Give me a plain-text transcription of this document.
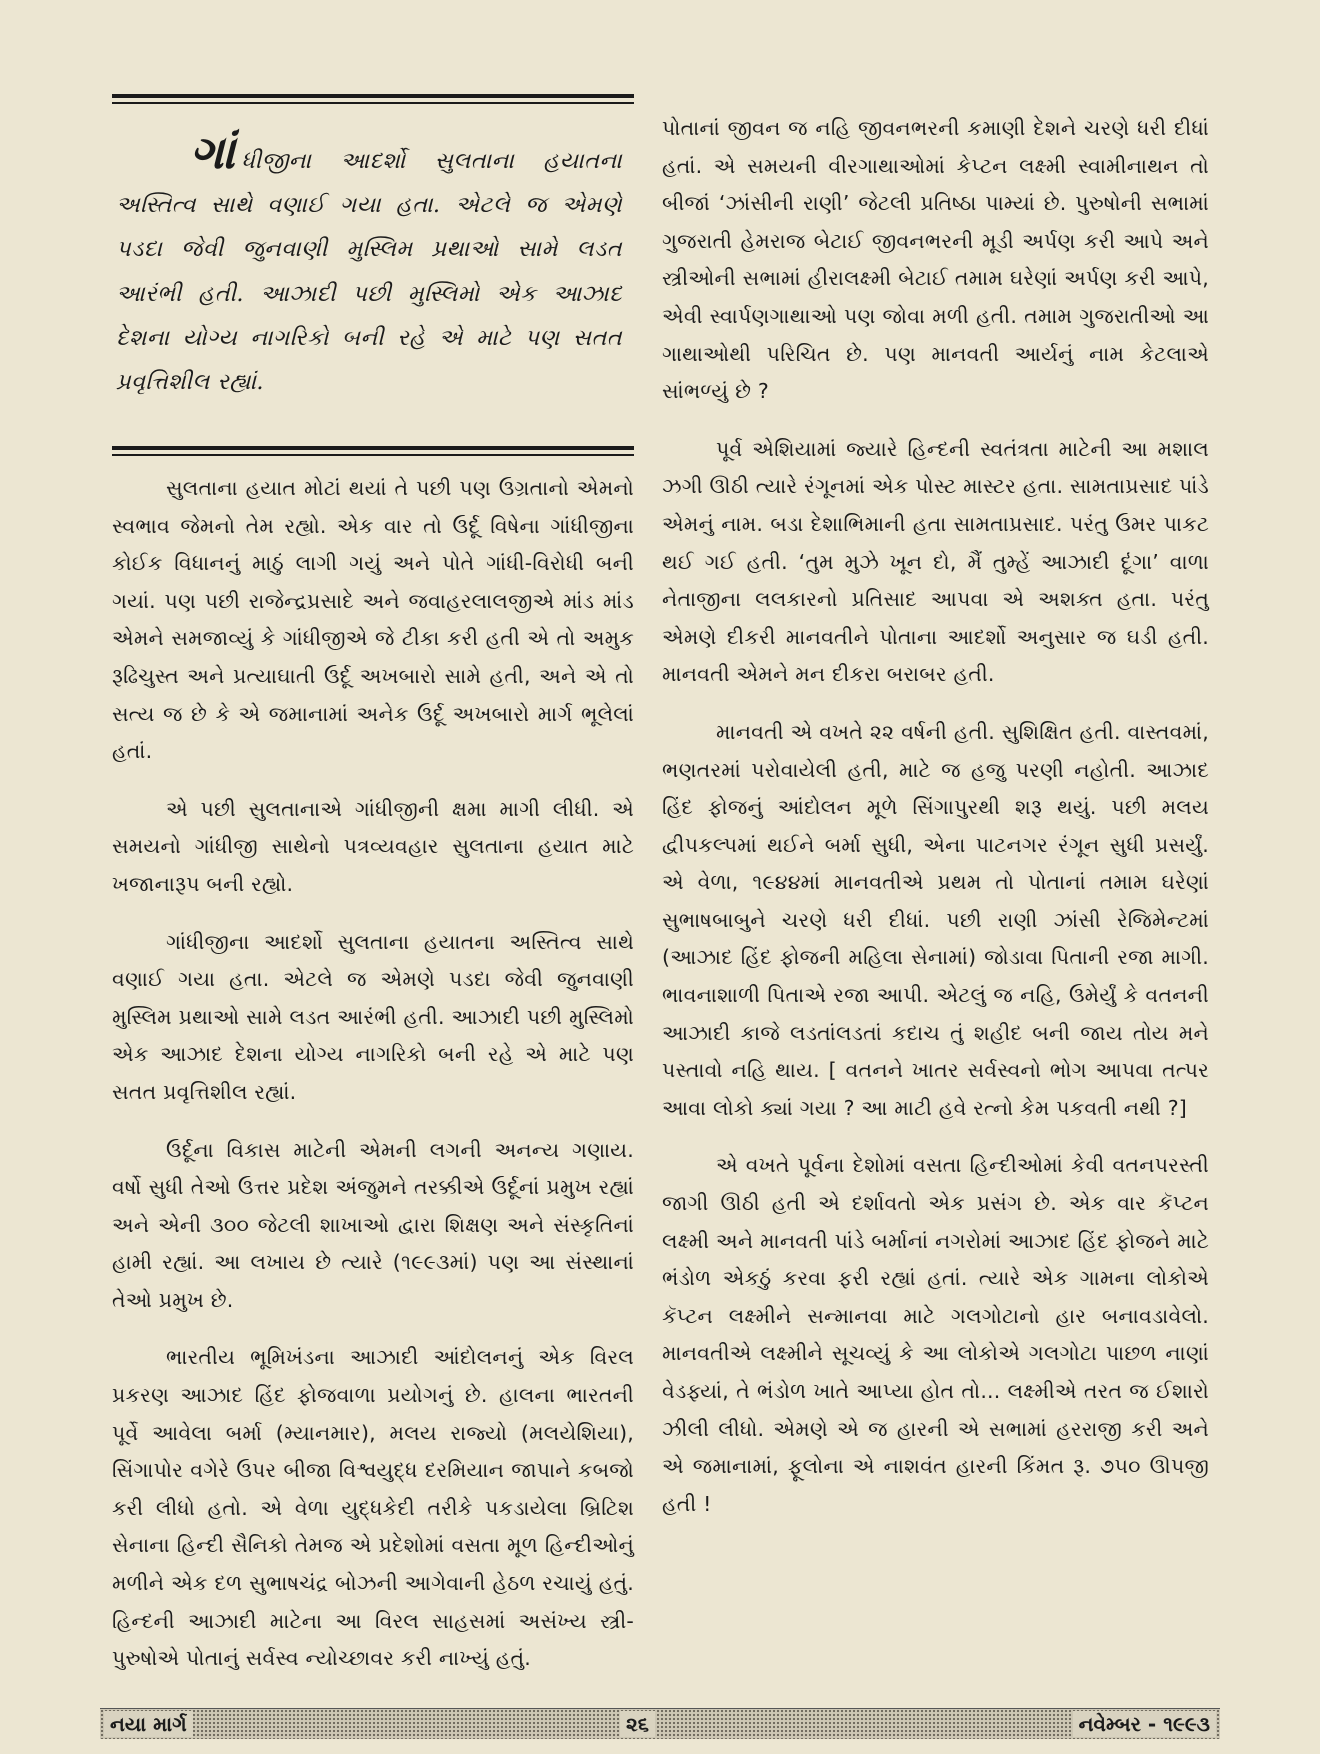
ગાંધીજીના આદર્શો સુલતાના હયાતના અસ્તિત્વ સાથે વણાઈ ગયા હતા. એટલે જ એમણે પડદા જેવી જુનવાણી મુસ્લિમ પ્રથાઓ સામે લડત આરંભી હતી. આઝાદી પછી મુસ્લિમો એક આઝાદ દેશના યોગ્ય નાગરિકો બની રહે એ માટે પણ સતત પ્રવૃત્તિશીલ રહ્યાં.

સુલતાના હયાત મોટાં થયાં તે પછી પણ ઉગ્રતાનો એમનો સ્વભાવ જેમનો તેમ રહ્યો. એક વાર તો ઉર્દૂ વિષેના ગાંધીજીના કોઈક વિધાનનું માઠું લાગી ગયું અને પોતે ગાંધી-વિરોધી બની ગયાં. પણ પછી રાજેન્દ્રપ્રસાદે અને જવાહરલાલજીએ માંડ માંડ એમને સમજાવ્યું કે ગાંધીજીએ જે ટીકા કરી હતી એ તો અમુક રૂઢિચુસ્ત અને પ્રત્યાઘાતી ઉર્દૂ અખબારો સામે હતી, અને એ તો સત્ય જ છે કે એ જમાનામાં અનેક ઉર્દૂ અખબારો માર્ગ ભૂલેલાં હતાં.

એ પછી સુલતાનાએ ગાંધીજીની ક્ષમા માગી લીધી. એ સમયનો ગાંધીજી સાથેનો પત્રવ્યવહાર સુલતાના હયાત માટે ખજાનારૂપ બની રહ્યો.

ગાંધીજીના આદર્શો સુલતાના હયાતના અસ્તિત્વ સાથે વણાઈ ગયા હતા. એટલે જ એમણે પડદા જેવી જુનવાણી મુસ્લિમ પ્રથાઓ સામે લડત આરંભી હતી. આઝાદી પછી મુસ્લિમો એક આઝાદ દેશના યોગ્ય નાગરિકો બની રહે એ માટે પણ સતત પ્રવૃત્તિશીલ રહ્યાં.

ઉર્દૂના વિકાસ માટેની એમની લગની અનન્ય ગણાય. વર્ષો સુધી તેઓ ઉત્તર પ્રદેશ અંજુમને તરક્કીએ ઉર્દૂનાં પ્રમુખ રહ્યાં અને એની ૩૦૦ જેટલી શાખાઓ દ્વારા શિક્ષણ અને સંસ્કૃતિનાં હામી રહ્યાં. આ લખાય છે ત્યારે (૧૯૯૩માં) પણ આ સંસ્થાનાં તેઓ પ્રમુખ છે.

ભારતીય ભૂમિખંડના આઝાદી આંદોલનનું એક વિરલ પ્રકરણ આઝાદ હિંદ ફોજવાળા પ્રયોગનું છે. હાલના ભારતની પૂર્વે આવેલા બર્મા (મ્યાનમાર), મલય રાજ્યો (મલયેશિયા), સિંગાપોર વગેરે ઉપર બીજા વિશ્વયુદ્ધ દરમિયાન જાપાને કબજો કરી લીધો હતો. એ વેળા યુદ્ધકેદી તરીકે પકડાયેલા બ્રિટિશ સેનાના હિન્દી સૈનિકો તેમજ એ પ્રદેશોમાં વસતા મૂળ હિન્દીઓનું મળીને એક દળ સુભાષચંદ્ર બોઝની આગેવાની હેઠળ રચાયું હતું. હિન્દની આઝાદી માટેના આ વિરલ સાહસમાં અસંખ્ય સ્ત્રી-પુરુષોએ પોતાનું સર્વસ્વ ન્યોચ્છાવર કરી નાખ્યું હતું.

પોતાનાં જીવન જ નહિ જીવનભરની કમાણી દેશને ચરણે ધરી દીધાં હતાં. એ સમયની વીરગાથાઓમાં કેપ્ટન લક્ષ્મી સ્વામીનાથન તો બીજાં ‘ઝાંસીની રાણી’ જેટલી પ્રતિષ્ઠા પામ્યાં છે. પુરુષોની સભામાં ગુજરાતી હેમરાજ બેટાઈ જીવનભરની મૂડી અર્પણ કરી આપે અને સ્ત્રીઓની સભામાં હીરાલક્ષ્મી બેટાઈ તમામ ઘરેણાં અર્પણ કરી આપે, એવી સ્વાર્પણગાથાઓ પણ જોવા મળી હતી. તમામ ગુજરાતીઓ આ ગાથાઓથી પરિચિત છે. પણ માનવતી આર્યનું નામ કેટલાએ સાંભળ્યું છે ?

પૂર્વ એશિયામાં જ્યારે હિન્દની સ્વતંત્રતા માટેની આ મશાલ ઝગી ઊઠી ત્યારે રંગૂનમાં એક પોસ્ટ માસ્ટર હતા. સામતાપ્રસાદ પાંડે એમનું નામ. બડા દેશાભિમાની હતા સામતાપ્રસાદ. પરંતુ ઉમર પાકટ થઈ ગઈ હતી. ‘તુમ મુઝે ખૂન દો, મૈં તુમ્હેં આઝાદી દૂંગા’ વાળા નેતાજીના લલકારનો પ્રતિસાદ આપવા એ અશક્ત હતા. પરંતુ એમણે દીકરી માનવતીને પોતાના આદર્શો અનુસાર જ ઘડી હતી. માનવતી એમને મન દીકરા બરાબર હતી.

માનવતી એ વખતે ૨૨ વર્ષની હતી. સુશિક્ષિત હતી. વાસ્તવમાં, ભણતરમાં પરોવાયેલી હતી, માટે જ હજુ પરણી નહોતી. આઝાદ હિંદ ફોજનું આંદોલન મૂળે સિંગાપુરથી શરૂ થયું. પછી મલય દ્વીપકલ્પમાં થઈને બર્મા સુધી, એના પાટનગર રંગૂન સુધી પ્રસર્યું. એ વેળા, ૧૯૪૪માં માનવતીએ પ્રથમ તો પોતાનાં તમામ ઘરેણાં સુભાષબાબુને ચરણે ધરી દીધાં. પછી રાણી ઝાંસી રેજિમેન્ટમાં (આઝાદ હિંદ ફોજની મહિલા સેનામાં) જોડાવા પિતાની રજા માગી. ભાવનાશાળી પિતાએ રજા આપી. એટલું જ નહિ, ઉમેર્યું કે વતનની આઝાદી કાજે લડતાંલડતાં કદાચ તું શહીદ બની જાય તોય મને પસ્તાવો નહિ થાય. [ વતનને ખાતર સર્વસ્વનો ભોગ આપવા તત્પર આવા લોકો ક્યાં ગયા ? આ માટી હવે રત્નો કેમ પકવતી નથી ?]

એ વખતે પૂર્વના દેશોમાં વસતા હિન્દીઓમાં કેવી વતનપરસ્તી જાગી ઊઠી હતી એ દર્શાવતો એક પ્રસંગ છે. એક વાર કૅપ્ટન લક્ષ્મી અને માનવતી પાંડે બર્માનાં નગરોમાં આઝાદ હિંદ ફોજને માટે ભંડોળ એકઠું કરવા ફરી રહ્યાં હતાં. ત્યારે એક ગામના લોકોએ કૅપ્ટન લક્ષ્મીને સન્માનવા માટે ગલગોટાનો હાર બનાવડાવેલો. માનવતીએ લક્ષ્મીને સૂચવ્યું કે આ લોકોએ ગલગોટા પાછળ નાણાં વેડફ્યાં, તે ભંડોળ ખાતે આપ્યા હોત તો... લક્ષ્મીએ તરત જ ઈશારો ઝીલી લીધો. એમણે એ જ હારની એ સભામાં હરરાજી કરી અને એ જમાનામાં, ફૂલોના એ નાશવંત હારની કિંમત રૂ. ૭૫૦ ઊપજી હતી !

નયા માર્ગ	૨૬	નવેમ્બર - ૧૯૯૩
